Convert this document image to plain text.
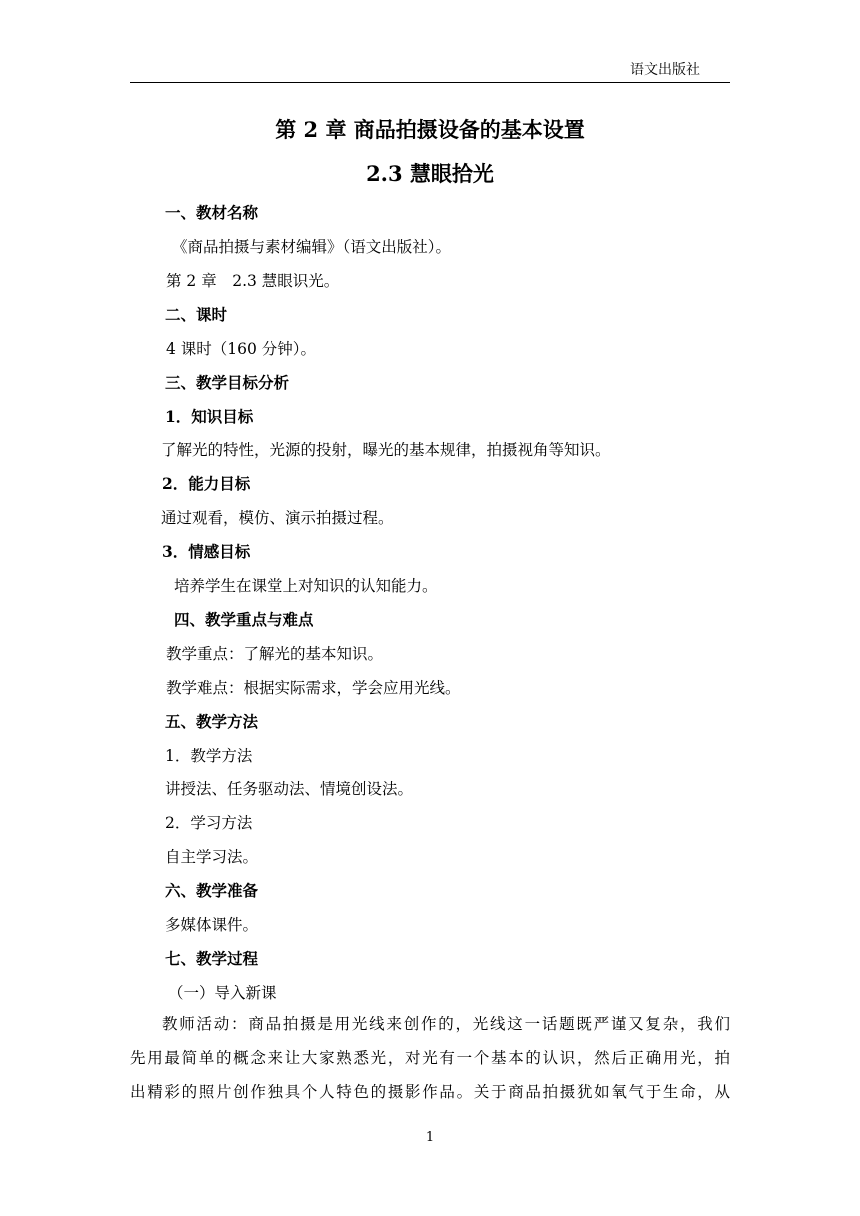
语文出版社
第 2 章 商品拍摄设备的基本设置
2.3 慧眼拾光
一、教材名称
《商品拍摄与素材编辑》（语文出版社）。
第 2 章　2.3 慧眼识光。
二、课时
4 课时（160 分钟）。
三、教学目标分析
1．知识目标
了解光的特性，光源的投射，曝光的基本规律，拍摄视角等知识。
2．能力目标
通过观看，模仿、演示拍摄过程。
3．情感目标
培养学生在课堂上对知识的认知能力。
四、教学重点与难点
教学重点：了解光的基本知识。
教学难点：根据实际需求，学会应用光线。
五、教学方法
1．教学方法
讲授法、任务驱动法、情境创设法。
2．学习方法
自主学习法。
六、教学准备
多媒体课件。
七、教学过程
（一）导入新课
教师活动：商品拍摄是用光线来创作的，光线这一话题既严谨又复杂，我们
先用最简单的概念来让大家熟悉光，对光有一个基本的认识，然后正确用光，拍
出精彩的照片创作独具个人特色的摄影作品。关于商品拍摄犹如氧气于生命，从
1
